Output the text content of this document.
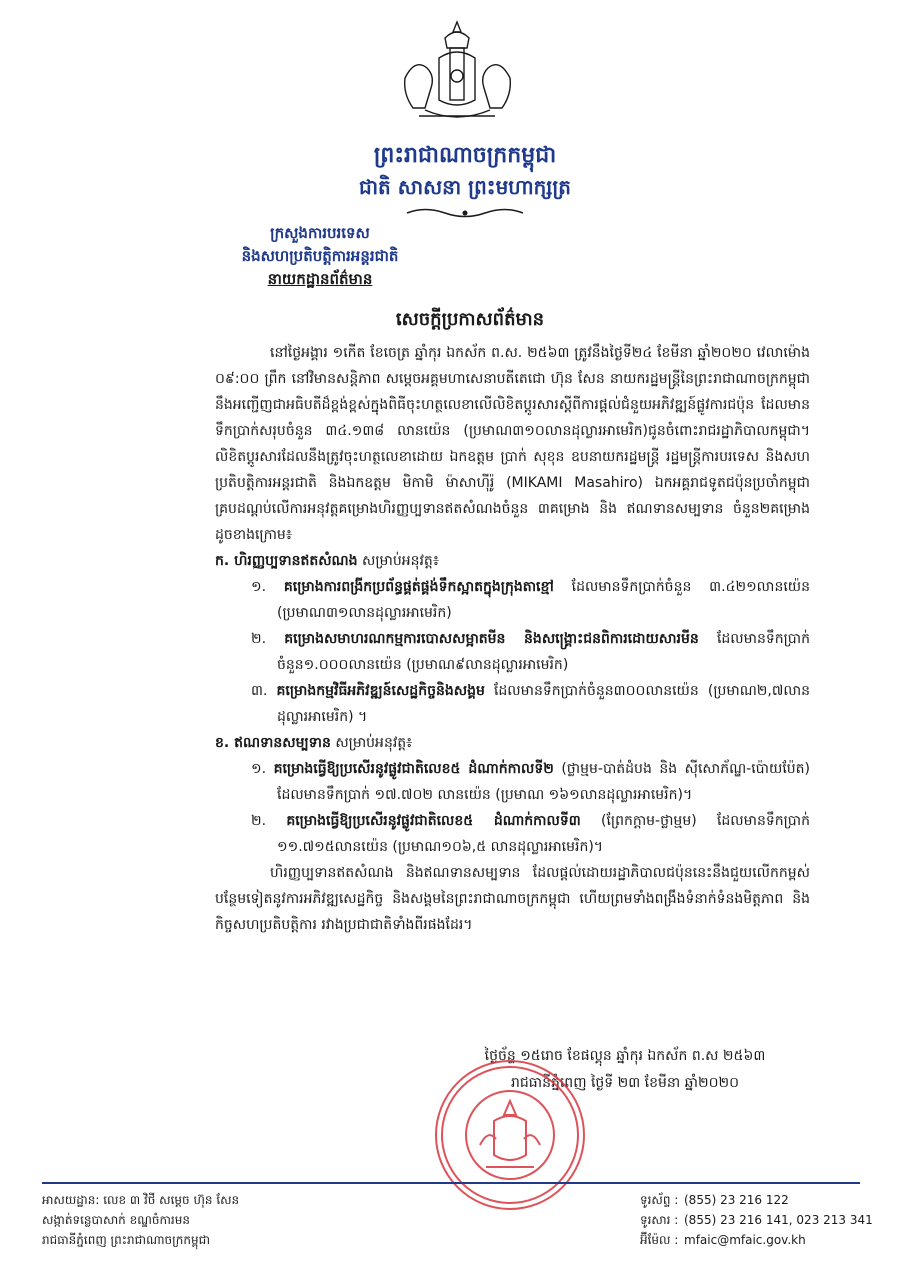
ព្រះរាជាណាចក្រកម្ពុជា
ជាតិ សាសនា ព្រះមហាក្សត្រ
ក្រសួងការបរទេស
និងសហប្រតិបត្តិការអន្តរជាតិ
នាយកដ្ឋានព័ត៌មាន
សេចក្តីប្រកាសព័ត៌មាន

នៅថ្ងៃអង្គារ ១កើត ខែចេត្រ ឆ្នាំកុរ ឯកស័ក ព.ស. ២៥៦៣ ត្រូវនឹងថ្ងៃទី២៤ ខែមីនា ឆ្នាំ២០២០ វេលាម៉ោង ០៩:០០ ព្រឹក នៅវិមានសន្តិភាព សម្តេចអគ្គមហាសេនាបតីតេជោ ហ៊ុន សែន នាយករដ្ឋមន្ត្រីនៃព្រះរាជាណាចក្រកម្ពុជា នឹងអញ្ជើញជាអធិបតីដ៏ខ្ពង់ខ្ពស់ក្នុងពិធីចុះហត្ថលេខាលើលិខិតប្តូរសារស្តីពីការផ្តល់ជំនួយអភិវឌ្ឍន៍ផ្លូវការជប៉ុន ដែលមានទឹកប្រាក់សរុបចំនួន ៣៤.១៣៨ លានយ៉េន (ប្រមាណ៣១០លានដុល្លារអាមេរិក)ជូនចំពោះរាជរដ្ឋាភិបាលកម្ពុជា។ លិខិតប្តូរសារដែលនឹងត្រូវចុះហត្ថលេខាដោយ ឯកឧត្តម ប្រាក់ សុខុន ឧបនាយករដ្ឋមន្ត្រី រដ្ឋមន្ត្រីការបរទេស និងសហប្រតិបត្តិការអន្តរជាតិ និងឯកឧត្តម មិកាមិ ម៉ាសាហ៊ីរ៉ូ (MIKAMI Masahiro) ឯកអគ្គរាជទូតជប៉ុនប្រចាំកម្ពុជា គ្របដណ្តប់លើការអនុវត្តគម្រោងហិរញ្ញប្បទានឥតសំណងចំនួន ៣គម្រោង និង ឥណទានសម្បទាន ចំនួន២គម្រោង ដូចខាងក្រោម៖

ក. ហិរញ្ញប្បទានឥតសំណង សម្រាប់អនុវត្ត៖

១. គម្រោងការពង្រីកប្រព័ន្ធផ្គត់ផ្គង់ទឹកស្អាតក្នុងក្រុងតាខ្មៅ ដែលមានទឹកប្រាក់ចំនួន ៣.៤២១លានយ៉េន (ប្រមាណ៣១លានដុល្លារអាមេរិក)

២. គម្រោងសមាហរណកម្មការបោសសម្អាតមីន និងសង្គ្រោះជនពិការដោយសារមីន ដែលមានទឹកប្រាក់ចំនួន១.០០០លានយ៉េន (ប្រមាណ៩លានដុល្លារអាមេរិក)

៣. គម្រោងកម្មវិធីអភិវឌ្ឍន៍សេដ្ឋកិច្ចនិងសង្គម ដែលមានទឹកប្រាក់ចំនួន៣០០លានយ៉េន (ប្រមាណ២,៧លានដុល្លារអាមេរិក) ។

ខ. ឥណទានសម្បទាន សម្រាប់អនុវត្ត៖

១. គម្រោងធ្វើឱ្យប្រសើរនូវផ្លូវជាតិលេខ៥ ដំណាក់កាលទី២ (ថ្លាម្មម-បាត់ដំបង និង ស៊ីសោភ័ណ្ឌ-ប៉ោយប៉ែត) ដែលមានទឹកប្រាក់ ១៧.៧០២ លានយ៉េន (ប្រមាណ ១៦១លានដុល្លារអាមេរិក)។

២. គម្រោងធ្វើឱ្យប្រសើរនូវផ្លូវជាតិលេខ៥ ដំណាក់កាលទី៣ (ព្រែកក្តាម-ថ្លាម្មម) ដែលមានទឹកប្រាក់ ១១.៧១៥លានយ៉េន (ប្រមាណ១០៦,៥ លានដុល្លារអាមេរិក)។

ហិរញ្ញប្បទានឥតសំណង និងឥណទានសម្បទាន ដែលផ្តល់ដោយរដ្ឋាភិបាលជប៉ុននេះនឹងជួយលើកកម្ពស់បន្ថែមទៀតនូវការអភិវឌ្ឍសេដ្ឋកិច្ច និងសង្គមនៃព្រះរាជាណាចក្រកម្ពុជា ហើយព្រមទាំងពង្រឹងទំនាក់ទំនងមិត្តភាព និងកិច្ចសហប្រតិបត្តិការ រវាងប្រជាជាតិទាំងពីរផងដែរ។

ថ្ងៃច័ន្ទ ១៥រោច ខែផល្គុន ឆ្នាំកុរ ឯកស័ក ព.ស ២៥៦៣
រាជធានីភ្នំពេញ ថ្ងៃទី ២៣ ខែមីនា ឆ្នាំ២០២០
អាសយដ្ឋាន: លេខ ៣ វិថី សម្តេច ហ៊ុន សែន
សង្កាត់ទន្លេបាសាក់ ខណ្ឌចំការមន
រាជធានីភ្នំពេញ ព្រះរាជាណាចក្រកម្ពុជា
ទូរស័ព្ទ : (855) 23 216 122
ទូរសារ : (855) 23 216 141, 023 213 341
អ៊ីម៉ែល : mfaic@mfaic.gov.kh
